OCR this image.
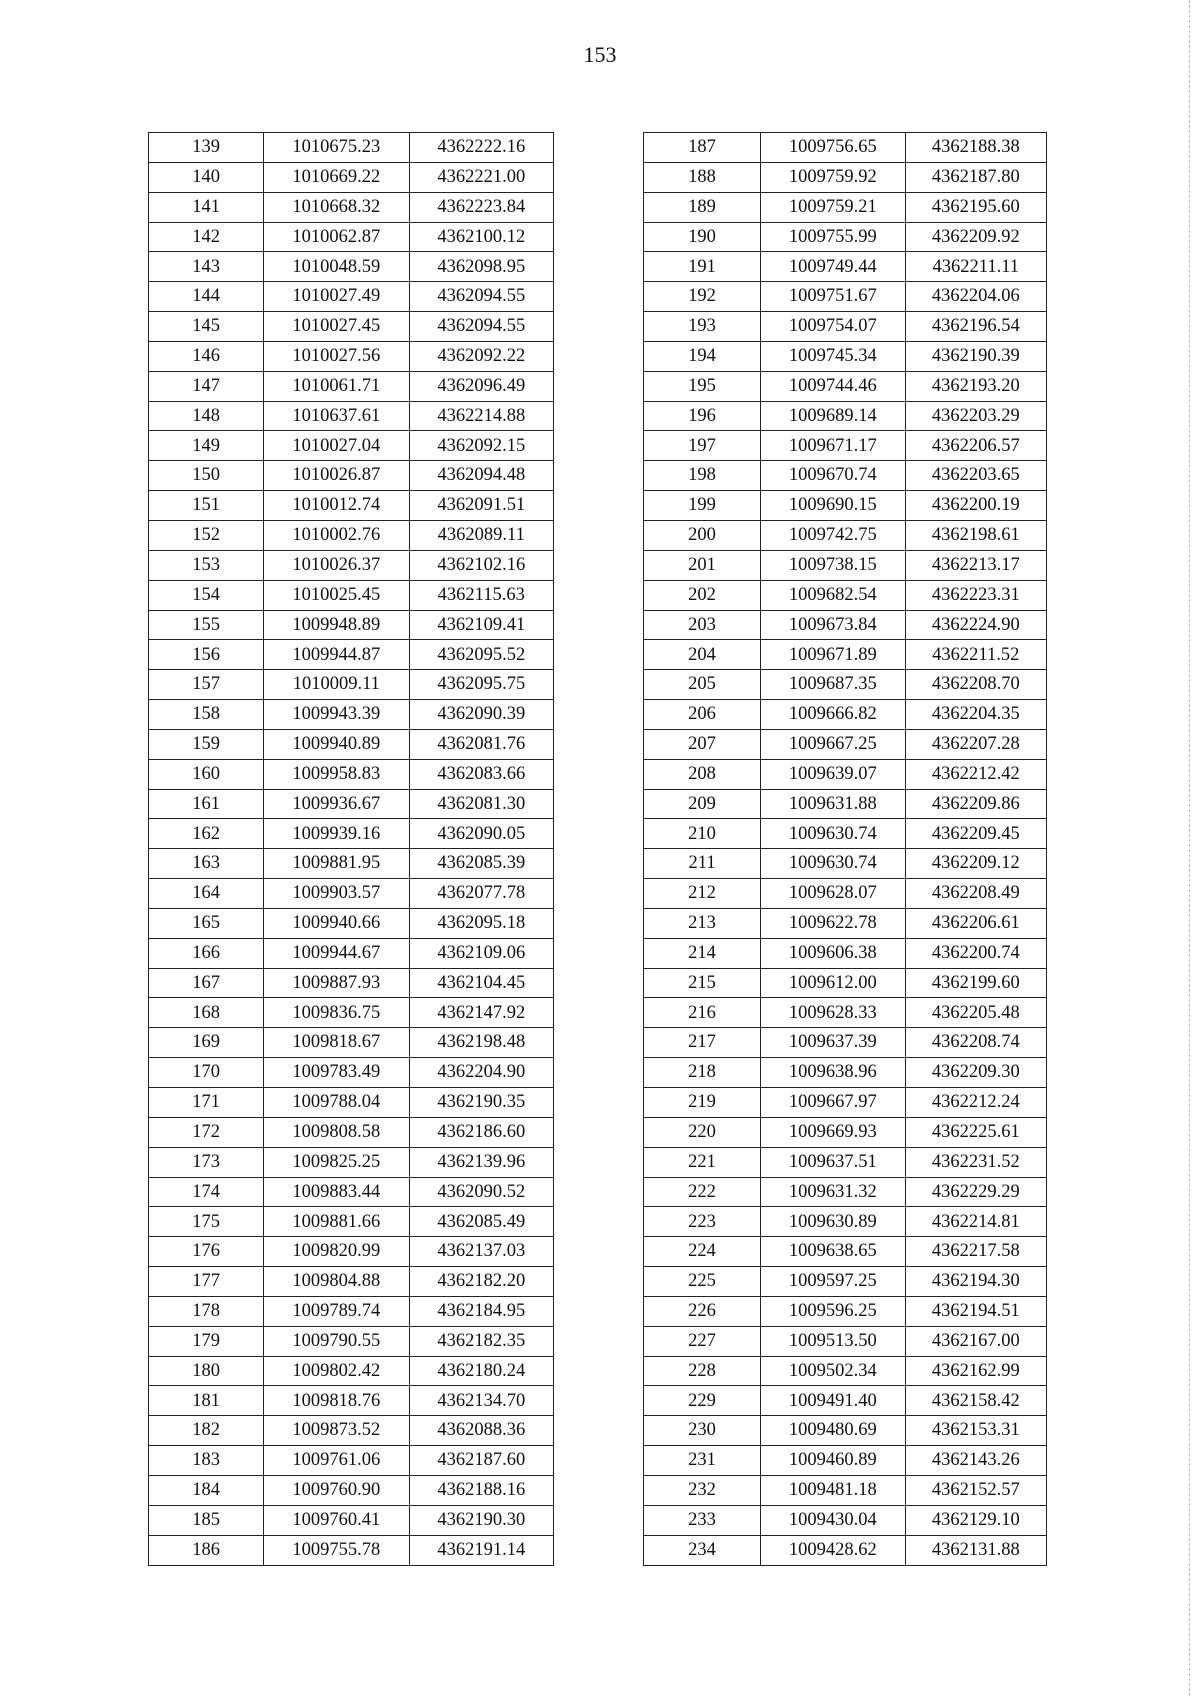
153
139	1010675.23	4362222.16
140	1010669.22	4362221.00
141	1010668.32	4362223.84
142	1010062.87	4362100.12
143	1010048.59	4362098.95
144	1010027.49	4362094.55
145	1010027.45	4362094.55
146	1010027.56	4362092.22
147	1010061.71	4362096.49
148	1010637.61	4362214.88
149	1010027.04	4362092.15
150	1010026.87	4362094.48
151	1010012.74	4362091.51
152	1010002.76	4362089.11
153	1010026.37	4362102.16
154	1010025.45	4362115.63
155	1009948.89	4362109.41
156	1009944.87	4362095.52
157	1010009.11	4362095.75
158	1009943.39	4362090.39
159	1009940.89	4362081.76
160	1009958.83	4362083.66
161	1009936.67	4362081.30
162	1009939.16	4362090.05
163	1009881.95	4362085.39
164	1009903.57	4362077.78
165	1009940.66	4362095.18
166	1009944.67	4362109.06
167	1009887.93	4362104.45
168	1009836.75	4362147.92
169	1009818.67	4362198.48
170	1009783.49	4362204.90
171	1009788.04	4362190.35
172	1009808.58	4362186.60
173	1009825.25	4362139.96
174	1009883.44	4362090.52
175	1009881.66	4362085.49
176	1009820.99	4362137.03
177	1009804.88	4362182.20
178	1009789.74	4362184.95
179	1009790.55	4362182.35
180	1009802.42	4362180.24
181	1009818.76	4362134.70
182	1009873.52	4362088.36
183	1009761.06	4362187.60
184	1009760.90	4362188.16
185	1009760.41	4362190.30
186	1009755.78	4362191.14
187	1009756.65	4362188.38
188	1009759.92	4362187.80
189	1009759.21	4362195.60
190	1009755.99	4362209.92
191	1009749.44	4362211.11
192	1009751.67	4362204.06
193	1009754.07	4362196.54
194	1009745.34	4362190.39
195	1009744.46	4362193.20
196	1009689.14	4362203.29
197	1009671.17	4362206.57
198	1009670.74	4362203.65
199	1009690.15	4362200.19
200	1009742.75	4362198.61
201	1009738.15	4362213.17
202	1009682.54	4362223.31
203	1009673.84	4362224.90
204	1009671.89	4362211.52
205	1009687.35	4362208.70
206	1009666.82	4362204.35
207	1009667.25	4362207.28
208	1009639.07	4362212.42
209	1009631.88	4362209.86
210	1009630.74	4362209.45
211	1009630.74	4362209.12
212	1009628.07	4362208.49
213	1009622.78	4362206.61
214	1009606.38	4362200.74
215	1009612.00	4362199.60
216	1009628.33	4362205.48
217	1009637.39	4362208.74
218	1009638.96	4362209.30
219	1009667.97	4362212.24
220	1009669.93	4362225.61
221	1009637.51	4362231.52
222	1009631.32	4362229.29
223	1009630.89	4362214.81
224	1009638.65	4362217.58
225	1009597.25	4362194.30
226	1009596.25	4362194.51
227	1009513.50	4362167.00
228	1009502.34	4362162.99
229	1009491.40	4362158.42
230	1009480.69	4362153.31
231	1009460.89	4362143.26
232	1009481.18	4362152.57
233	1009430.04	4362129.10
234	1009428.62	4362131.88
